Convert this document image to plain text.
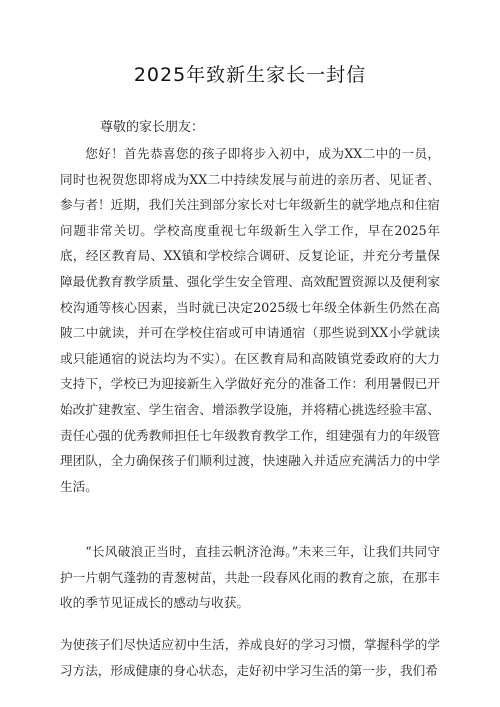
2025年致新生家长一封信
尊敬的家长朋友：

您好！首先恭喜您的孩子即将步入初中，成为XX二中的一员，同时也祝贺您即将成为XX二中持续发展与前进的亲历者、见证者、参与者！近期，我们关注到部分家长对七年级新生的就学地点和住宿问题非常关切。学校高度重视七年级新生入学工作，早在2025年底，经区教育局、XX镇和学校综合调研、反复论证，并充分考量保障最优教育教学质量、强化学生安全管理、高效配置资源以及便利家校沟通等核心因素，当时就已决定2025级七年级全体新生仍然在高陂二中就读，并可在学校住宿或可申请通宿（那些说到XX小学就读或只能通宿的说法均为不实）。在区教育局和高陂镇党委政府的大力支持下，学校已为迎接新生入学做好充分的准备工作：利用暑假已开始改扩建教室、学生宿舍、增添教学设施，并将精心挑选经验丰富、责任心强的优秀教师担任七年级教育教学工作，组建强有力的年级管理团队，全力确保孩子们顺利过渡，快速融入并适应充满活力的中学生活。

“长风破浪正当时，直挂云帆济沧海。”未来三年，让我们共同守护一片朝气蓬勃的青葱树苗，共赴一段春风化雨的教育之旅，在那丰收的季节见证成长的感动与收获。

为使孩子们尽快适应初中生活，养成良好的学习习惯，掌握科学的学习方法，形成健康的身心状态，走好初中学习生活的第一步，我们希
